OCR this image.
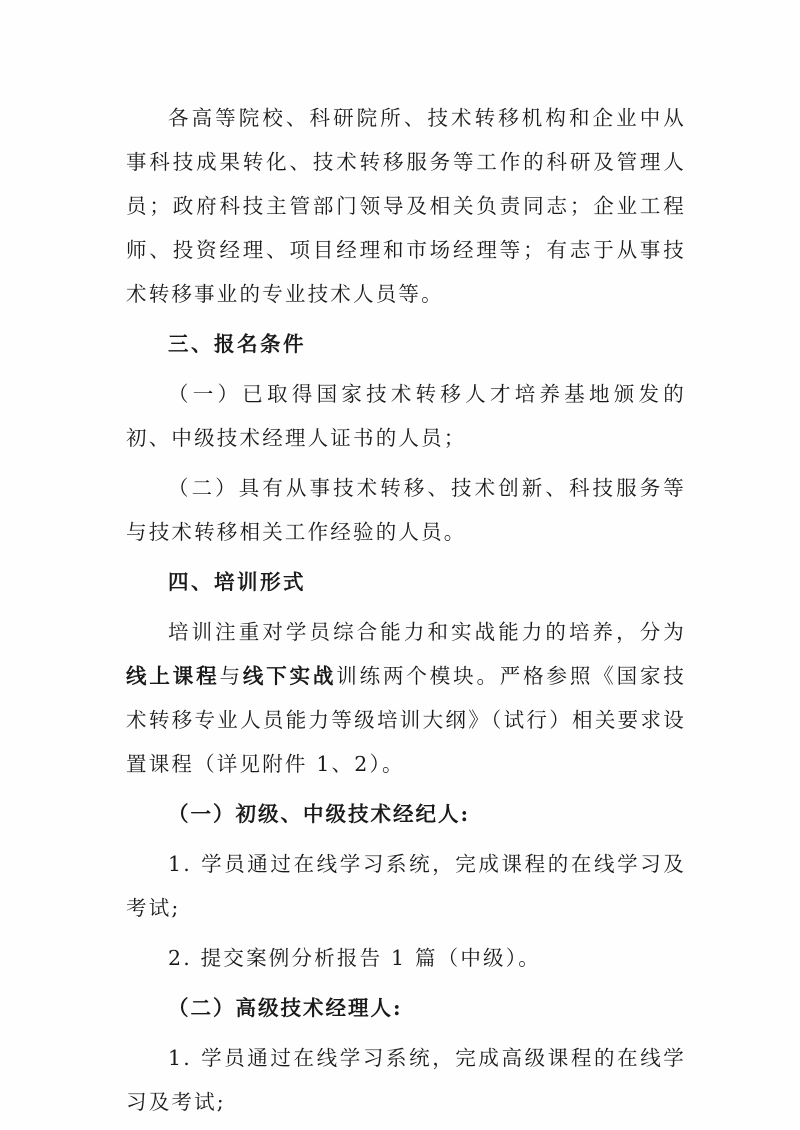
各高等院校、科研院所、技术转移机构和企业中从事科技成果转化、技术转移服务等工作的科研及管理人员；政府科技主管部门领导及相关负责同志；企业工程师、投资经理、项目经理和市场经理等；有志于从事技术转移事业的专业技术人员等。

三、报名条件

（一）已取得国家技术转移人才培养基地颁发的初、中级技术经理人证书的人员；

（二）具有从事技术转移、技术创新、科技服务等与技术转移相关工作经验的人员。

四、培训形式

培训注重对学员综合能力和实战能力的培养，分为线上课程与线下实战训练两个模块。严格参照《国家技术转移专业人员能力等级培训大纲》（试行）相关要求设置课程（详见附件 1、2）。

（一）初级、中级技术经纪人:

1. 学员通过在线学习系统，完成课程的在线学习及考试;

2. 提交案例分析报告 1 篇（中级）。

（二）高级技术经理人:

1. 学员通过在线学习系统，完成高级课程的在线学习及考试;
